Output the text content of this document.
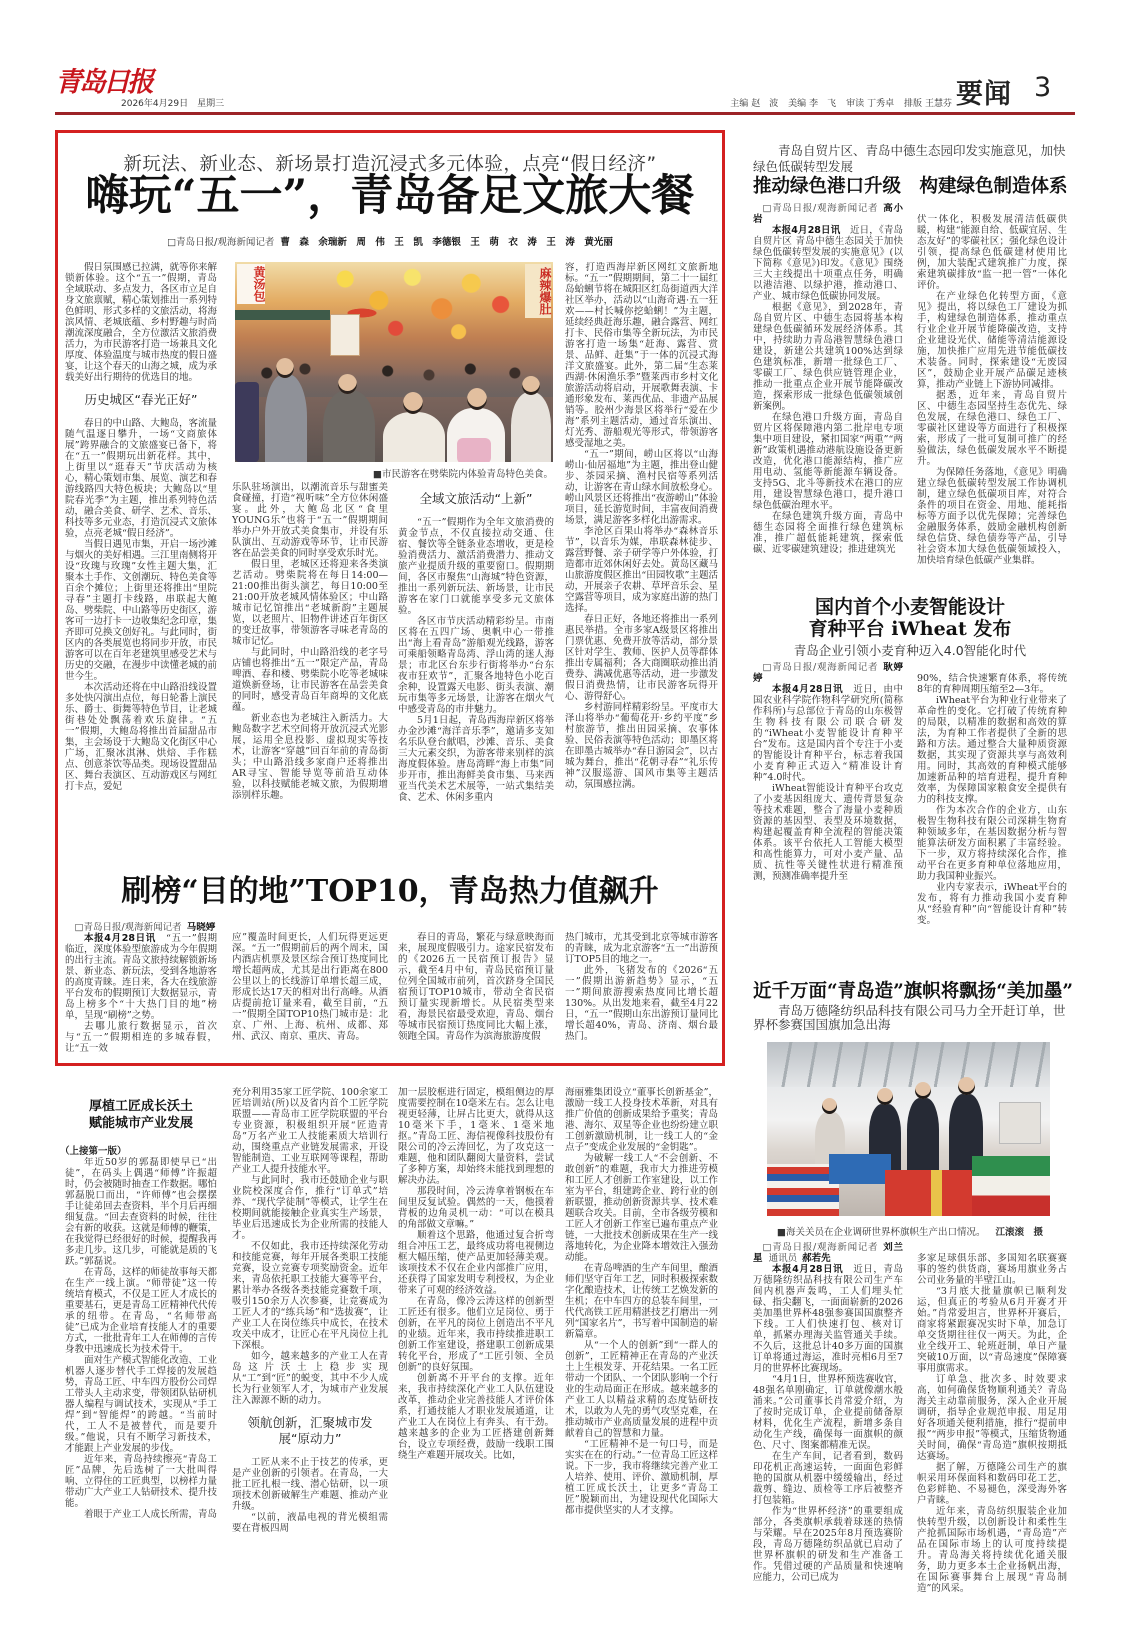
青岛日报
2026年4月29日　星期三	主编 赵　波 美编 李　飞 审读 丁秀卓 排版 王慧芬 要闻 3
新玩法、新业态、新场景打造沉浸式多元体验，点亮“假日经济”
嗨玩“五一”，青岛备足文旅大餐
□青岛日报/观海新闻记者 曹　森　余瑞新　周　伟　王　凯　李德银　王　萌　衣　涛　王　涛　黄光丽

假日氛围感已拉满，就等你来解锁新体验。这个“五一”假期，青岛全域联动、多点发力，各区市立足自身文旅禀赋，精心策划推出一系列特色鲜明、形式多样的文旅活动，将海滨风情、老城底蕴、乡村野趣与时尚潮流深度融合，全方位激活文旅消费活力，为市民游客打造一场兼具文化厚度、体验温度与城市热度的假日盛宴，让这个春天的山海之城，成为承载美好出行期待的优选目的地。

历史城区“春光正好”

春日的中山路、大鲍岛，客流量随气温逐日攀升，一场“文商旅体展”跨界融合的文旅盛宴已备下，将在“五一”假期玩出新花样。其中，上街里以“逛春天”节庆活动为核心，精心策划市集、展览、演艺和春游线路四大特色板块；大鲍岛以“里院春光季”为主题，推出系列特色活动，融合美食、研学、艺术、音乐、科技等多元业态，打造沉浸式文旅体验，点亮老城“假日经济”。

当假日遇见市集，开启一场沙滩与烟火的美好相遇。三江里南侧将开设“玫瑰与玫瑰”女性主题大集，汇聚本土手作、文创潮玩、特色美食等百余个摊位；上街里还将推出“里院寻春”主题打卡线路，串联起大鲍岛、劈柴院、中山路等历史街区，游客可一边打卡一边收集纪念印章，集齐即可兑换文创好礼。与此同时，街区内的各类展览也将同步开放，市民游客可以在百年老建筑里感受艺术与历史的交融，在漫步中读懂老城的前世今生。

本次活动还将在中山路沿线设置多处快闪演出点位，每日轮番上演民乐、爵士、街舞等特色节目，让老城街巷处处飘荡着欢乐旋律。“五一”假期，大鲍岛将推出首届甜品市集，主会场设于大鲍岛文化街区中心广场，汇聚冰淇淋、烘焙、手作糕点、创意茶饮等品类。现场设置甜品区、舞台表演区、互动游戏区与网红打卡点，爱妃

黄汤包	麻辣爆肚
■市民游客在劈柴院内体验青岛特色美食。

乐队驻场演出，以潮流音乐与甜蜜美食碰撞，打造“视听味”全方位休闲盛宴。此外，大鲍岛北区“食里YOUNG乐”也将于“五一”假期期间举办户外开放式美食集市，并设有乐队演出、互动游戏等环节，让市民游客在品尝美食的同时享受欢乐时光。

假日里，老城区还将迎来各类演艺活动。劈柴院将在每日14:00—21:00推出街头演艺，每日10:00至21:00开放老城风情体验区；中山路城市记忆馆推出“老城新韵”主题展览，以老照片、旧物件讲述百年街区的变迁故事，带领游客寻味老青岛的城市记忆。

与此同时，中山路沿线的老字号店铺也将推出“五一”限定产品，青岛啤酒、春和楼、劈柴院小吃等老城味道焕新登场，让市民游客在品尝美食的同时，感受青岛百年商埠的文化底蕴。

新业态也为老城注入新活力。大鲍岛数字艺术空间将开放沉浸式光影展，运用全息投影、虚拟现实等技术，让游客“穿越”回百年前的青岛街头；中山路沿线多家商户还将推出AR寻宝、智能导览等前沿互动体验，以科技赋能老城文旅，为假期增添别样乐趣。

全域文旅活动“上新”

“五一”假期作为全年文旅消费的黄金节点，不仅直接拉动交通、住宿、餐饮等全链条业态增收，更是检验消费活力、激活消费潜力、推动文旅产业提质升级的重要窗口。假期期间，各区市聚焦“山海城”特色资源，推出一系列新玩法、新场景，让市民游客在家门口就能享受多元文旅体验。

各区市节庆活动精彩纷呈。市南区将在五四广场、奥帆中心一带推出“海上看青岛”游船观光线路，游客可乘船领略青岛湾、浮山湾的迷人海景；市北区台东步行街将举办“台东夜市狂欢节”，汇聚各地特色小吃百余种，设置露天电影、街头表演、潮玩市集等多元场景，让游客在烟火气中感受青岛的市井魅力。

5月1日起，青岛西海岸新区将举办金沙滩“海洋音乐季”，邀请多支知名乐队登台献唱，沙滩、音乐、美食三大元素交织，为游客带来别样的滨海度假体验。唐岛湾畔“海上市集”同步开市，推出海鲜美食市集、马来西亚当代美术艺术展等，一站式集结美食、艺术、休闲多重内

容，打造西海岸新区网红文旅新地标。“五一”假期期间，第二十一届红岛蛤蜊节将在城阳区红岛街道西大洋社区举办，活动以“山海奇遇·五一狂欢——村长喊你挖蛤蜊！”为主题，延续经典赶海乐趣，融合露营、网红打卡、民俗市集等全新玩法，为市民游客打造一场集“赶海、露营、赏景、品鲜、赶集”于一体的沉浸式海洋文旅盛宴。此外，第二届“生态莱西湖·休闲渔乐季”暨莱西市乡村文化旅游活动将启动，开展歌舞表演、卡通形象发布、莱西优品、非遗产品展销等。胶州少海景区将举行“爱在少海”系列主题活动，通过音乐演出、灯光秀、游船观光等形式，带领游客感受湿地之美。

“五一”期间，崂山区将以“山海崂山·仙居福地”为主题，推出登山健步、茶园采摘、渔村民宿等系列活动，让游客在青山绿水间放松身心。崂山风景区还将推出“夜游崂山”体验项目，延长游览时间，丰富夜间消费场景，满足游客多样化出游需求。

李沧区百果山将举办“森林音乐节”，以音乐为媒，串联森林徒步、露营野餐、亲子研学等户外体验，打造都市近郊休闲好去处。黄岛区藏马山旅游度假区推出“田园牧歌”主题活动，开展亲子农耕、草坪音乐会、星空露营等项目，成为家庭出游的热门选择。

春日正好，各地还将推出一系列惠民举措。全市多家A级景区将推出门票优惠、免费开放等活动，部分景区针对学生、教师、医护人员等群体推出专属福利；各大商圈联动推出消费券、满减优惠等活动，进一步激发假日消费热情，让市民游客玩得开心、游得舒心。

乡村游同样精彩纷呈。平度市大泽山将举办“葡萄花开·乡约平度”乡村旅游节，推出田园采摘、农事体验、民俗表演等特色活动；即墨区将在即墨古城举办“春日游园会”，以古城为舞台，推出“花朝寻春”“礼乐传神”汉服巡游、国风市集等主题活动，氛围感拉满。

刷榜“目的地”TOP10，青岛热力值飙升

□青岛日报/观海新闻记者 马晓婷

本报4月28日讯　“五一”假期临近，深度体验型旅游成为今年假期的出行主流。青岛文旅持续解锁新场景、新业态、新玩法，受到各地游客的高度青睐。连日来，各大在线旅游平台发布的假期预订大数据显示，青岛上榜多个“十大热门目的地”榜单，呈现“刷榜”之势。

去哪儿旅行数据显示，首次与“五一”假期相连的多城春假，让“五一效

应”覆盖时间更长，人们玩得更远更深。“五一”假期前后的两个周末，国内酒店机票及景区综合预订热度同比增长超两成，尤其是出行距离在800公里以上的长线游订单增长超三成，形成长达17天的相对出行高峰。从酒店提前抢订量来看，截至目前，“五一”假期全国TOP10热门城市是：北京、广州、上海、杭州、成都、郑州、武汉、南京、重庆、青岛。

春日的青岛，繁花与绿意映海而来，展现度假吸引力。途家民宿发布的《2026五一民宿预订报告》显示，截至4月中旬，青岛民宿预订量位列全国城市前列，首次跻身全国民宿预订TOP10城市，带动全省民宿预订量实现新增长。从民宿类型来看，海景民宿最受欢迎，青岛、烟台等城市民宿预订热度同比大幅上涨，领跑全国。青岛作为滨海旅游度假

热门城市，尤其受到北京等城市游客的青睐，成为北京游客“五一”出游预订TOP5目的地之一。

此外，飞猪发布的《2026“五一”假期出游新趋势》显示，“五一”期间旅游搜索热度同比增长超130%。从出发地来看，截至4月22日，“五一”假期山东出游预订量同比增长超40%，青岛、济南、烟台最热门。

青岛自贸片区、青岛中德生态园印发实施意见，加快绿色低碳转型发展
推动绿色港口升级　构建绿色制造体系

□青岛日报/观海新闻记者 高小岩

本报4月28日讯　近日，《青岛自贸片区 青岛中德生态园关于加快绿色低碳转型发展的实施意见》(以下简称《意见》)印发。《意见》围绕三大主线提出十项重点任务，明确以港洁港、以绿护港，推动港口、产业、城市绿色低碳协同发展。

根据《意见》，到2028年，青岛自贸片区、中德生态园将基本构建绿色低碳循环发展经济体系。其中，持续助力青岛港智慧绿色港口建设，新建公共建筑100%达到绿色建筑标准，新增一批绿色工厂、零碳工厂、绿色供应链管理企业，推动一批重点企业开展节能降碳改造，探索形成一批绿色低碳领域创新案例。

在绿色港口升级方面，青岛自贸片区将保障港内第二批岸电专项集中项目建设，紧扣国家“两重”“两新”政策机遇推动港航设施设备更新改造，优化港口能源结构，推广应用电动、氢能等新能源车辆设备。支持5G、北斗等新技术在港口的应用，建设智慧绿色港口，提升港口绿色低碳治理水平。

在绿色建筑升级方面，青岛中德生态园将全面推行绿色建筑标准，推广超低能耗建筑，探索低碳、近零碳建筑建设；推进建筑光

伏一体化，积极发展清洁低碳供暖，构建“能源自给、低碳宜居、生态友好”的零碳社区；强化绿色设计引领，提高绿色低碳建材使用比例，加大装配式建筑推广力度，探索建筑碳排放“监一把一管”一体化评价。

在产业绿色化转型方面，《意见》提出，将以绿色工厂建设为抓手，构建绿色制造体系，推动重点行业企业开展节能降碳改造，支持企业建设光伏、储能等清洁能源设施，加快推广应用先进节能低碳技术装备。同时，探索建设“无废园区”，鼓励企业开展产品碳足迹核算，推动产业链上下游协同减排。

据悉，近年来，青岛自贸片区、中德生态园坚持生态优先、绿色发展，在绿色港口、绿色工厂、零碳社区建设等方面进行了积极探索，形成了一批可复制可推广的经验做法，绿色低碳发展水平不断提升。

为保障任务落地，《意见》明确建立绿色低碳转型发展工作协调机制，建立绿色低碳项目库，对符合条件的项目在资金、用地、能耗指标等方面予以优先保障；完善绿色金融服务体系，鼓励金融机构创新绿色信贷、绿色债券等产品，引导社会资本加大绿色低碳领域投入，加快培育绿色低碳产业集群。

国内首个小麦智能设计
育种平台 iWheat 发布
青岛企业引领小麦育种迈入4.0智能化时代

□青岛日报/观海新闻记者 耿婷婷

本报4月28日讯　近日，由中国农业科学院作物科学研究所(简称作科所)与总部位于青岛的山东极智生物科技有限公司联合研发的“iWheat小麦智能设计育种平台”发布。这是国内首个专注于小麦的智能设计育种平台，标志着我国小麦育种正式迈入“精准设计育种”4.0时代。

iWheat智能设计育种平台攻克了小麦基因组庞大、遗传背景复杂等技术难题，整合了海量小麦种质资源的基因型、表型及环境数据，构建起覆盖育种全流程的智能决策体系。该平台依托人工智能大模型和高性能算力，可对小麦产量、品质、抗性等关键性状进行精准预测，预测准确率提升至

90%，结合快速繁育体系，将传统8年的育种周期压缩至2—3年。

iWheat平台为种业行业带来了革命性的变化。它打破了传统育种的局限，以精准的数据和高效的算法，为育种工作者提供了全新的思路和方法。通过整合大量种质资源数据，其实现了资源共享与高效利用。同时，其高效的育种模式能够加速新品种的培育进程，提升育种效率，为保障国家粮食安全提供有力的科技支撑。

作为本次合作的企业方，山东极智生物科技有限公司深耕生物育种领域多年，在基因数据分析与智能算法研发方面积累了丰富经验。下一步，双方将持续深化合作，推动平台在更多育种单位落地应用，助力我国种业振兴。

业内专家表示，iWheat平台的发布，将有力推动我国小麦育种从“经验育种”向“智能设计育种”转变。

近千万面“青岛造”旗帜将飘扬“美加墨”
青岛万德隆纺织品科技有限公司马力全开赶订单，世界杯参赛国国旗加急出海
■海关关员在企业调研世界杯旗帜生产出口情况。 江滚滚　摄

□青岛日报/观海新闻记者 刘兰星 通讯员 郝若先

本报4月28日讯　近日，青岛万德隆纺织品科技有限公司生产车间内机器声轰鸣，工人们埋头忙碌、指尖翻飞，一面面崭新的2026美加墨世界杯48强参赛国国旗整齐下线。工人们快速打包、核对订单，抓紧办理海关监管通关手续。不久后，这批总计40多万面的国旗订单将通过海运，准时亮相6月至7月的世界杯比赛现场。

“4月1日，世界杯预选赛收官，48强名单刚确定，订单就像潮水般涌来。”公司董事长肖常爱介绍，为了按时完成订单，企业提前储备原材料，优化生产流程，新增多条自动化生产线，确保每一面旗帜的颜色、尺寸、图案都精准无误。

在生产车间，记者看到，数码印花机正高速运转，一面面色彩鲜艳的国旗从机器中缓缓输出，经过裁剪、缝边、质检等工序后被整齐打包装箱。

作为“世界杯经济”的重要组成部分，各类旗帜承载着球迷的热情与荣耀。早在2025年8月预选赛阶段，青岛万德隆纺织品就已启动了世界杯旗帜的研发和生产准备工作。凭借过硬的产品质量和快速响应能力，公司已成为

多家足球俱乐部、多国知名联赛赛事的签约供货商，赛场用旗业务占公司业务量的半壁江山。

“3月底大批量旗帜已顺利发运，但真正的考验从6月开赛才开始。”肖常爱坦言，世界杯开赛后，商家将紧跟赛况实时下单，加急订单交货期往往仅一两天。为此，企业全线开工、轮班赶制，单日产量突破10万面，以“青岛速度”保障赛事用旗需求。

订单急、批次多、时效要求高，如何确保货物顺利通关？青岛海关主动靠前服务，深入企业开展调研，指导企业规范申报、用足用好各项通关便利措施，推行“提前申报”“两步申报”等模式，压缩货物通关时间，确保“青岛造”旗帜按期抵达赛场。

据了解，万德隆公司生产的旗帜采用环保面料和数码印花工艺，色彩鲜艳、不易褪色，深受海外客户青睐。

近年来，青岛纺织服装企业加快转型升级，以创新设计和柔性生产抢抓国际市场机遇，“青岛造”产品在国际市场上的认可度持续提升。青岛海关将持续优化通关服务，助力更多本土企业扬帆出海，在国际赛事舞台上展现“青岛制造”的风采。

厚植工匠成长沃土
赋能城市产业发展
（上接第一版）

年近50岁的郭磊即使早已“出徒”，在码头上偶遇“师傅”许振超时，仍会被随时抽查工作数据。哪怕郭磊脱口而出，“许师傅”也会摆摆手让徒弟回去查资料，半个月后再细细复盘。“回去查资料的时候，往往会有新的收获。这就是师傅的鞭策，在我觉得已经很好的时候，提醒我再多走几步。这几步，可能就是质的飞跃。”郭磊说。

在青岛，这样的师徒故事每天都在生产一线上演。“师带徒”这一传统培育模式，不仅是工匠人才成长的重要基石，更是青岛工匠精神代代传承的纽带。在青岛，“名师带高徒”已成为企业培育技能人才的重要方式，一批批青年工人在师傅的言传身教中迅速成长为技术骨干。

面对生产模式智能化改造、工业机器人逐步替代手工焊接的发展趋势，青岛工匠、中车四方股份公司焊工带头人主动求变，带领团队钻研机器人编程与调试技术，实现从“手工焊”到“智能焊”的跨越。“当前时代，工人不是被替代，而是要升级。”他说，只有不断学习新技术，才能跟上产业发展的步伐。

近年来，青岛持续擦亮“青岛工匠”品牌，先后选树了一大批叫得响、立得住的工匠典型，以榜样力量带动广大产业工人钻研技术、提升技能。

着眼于产业工人成长所需，青岛

充分利用35家工匠学院、100余家工匠培训站(所)以及省内首个工匠学院联盟——青岛市工匠学院联盟的平台专业资源，积极组织开展“匠造青岛”万名产业工人技能素质大培训行动，围绕重点产业链发展需求，开设智能制造、工业互联网等课程，帮助产业工人提升技能水平。

与此同时，我市还鼓励企业与职业院校深度合作，推行“订单式”培养、“现代学徒制”等模式，让学生在校期间就能接触企业真实生产场景，毕业后迅速成长为企业所需的技能人才。

不仅如此，我市还持续深化劳动和技能竞赛，每年开展各类职工技能竞赛，设立竞赛专项奖励资金。近年来，青岛依托职工技能大赛等平台，累计举办各级各类技能竞赛数千项，吸引150余万人次参赛，让竞赛成为工匠人才的“练兵场”和“选拔赛”，让产业工人在岗位练兵中成长，在技术攻关中成才，让匠心在平凡岗位上扎下深根。

如今，越来越多的产业工人在青岛这片沃土上稳步实现从“工”到“匠”的蜕变，其中不少人成长为行业领军人才，为城市产业发展注入源源不断的动力。

领航创新，汇聚城市发展“原动力”

工匠从来不止于技艺的传承，更是产业创新的引领者。在青岛，一大批工匠扎根一线、潜心钻研，以一项项技术创新破解生产难题、推动产业升级。

“以前，液晶电视的背光模组需要在背板四周

加一层胶框进行固定，模组侧边的厚度需要控制在10毫米左右。怎么让电视更轻薄，让屏占比更大，就得从这10毫米下手，1毫米、1毫米地抠。”青岛工匠、海信视像科技股份有限公司的冷云涛回忆，为了攻克这一难题，他和团队翻阅大量资料，尝试了多种方案，却始终未能找到理想的解决办法。

那段时间，冷云涛拿着钢板在车间里反复试验。偶然的一天，他摸着背板的边角灵机一动：“可以在模具的角部做文章嘛。”

顺着这个思路，他通过复合折弯组合冲压工艺，最终成功将电视侧边框大幅压缩，使产品更加轻薄美观。该项技术不仅在企业内部推广应用，还获得了国家发明专利授权，为企业带来了可观的经济效益。

在青岛，像冷云涛这样的创新型工匠还有很多。他们立足岗位、勇于创新，在平凡的岗位上创造出不平凡的业绩。近年来，我市持续推进职工创新工作室建设，搭建职工创新成果转化平台，形成了“工匠引领、全员创新”的良好氛围。

创新离不开平台的支撑。近年来，我市持续深化产业工人队伍建设改革，推动企业完善技能人才评价体系，打通技能人才职业发展通道，让产业工人在岗位上有奔头、有干劲。越来越多的企业为工匠搭建创新舞台，设立专项经费，鼓励一线职工围绕生产难题开展攻关。比如，

海丽雅集团设立“董事长创新基金”，激励一线工人投身技术革新，对具有推广价值的创新成果给予重奖；青岛港、海尔、双星等企业也纷纷建立职工创新激励机制，让一线工人的“金点子”变成企业发展的“金钥匙”。

为破解一线工人“不会创新、不敢创新”的难题，我市大力推进劳模和工匠人才创新工作室建设，以工作室为平台，组建跨企业、跨行业的创新联盟，推动创新资源共享、技术难题联合攻关。目前，全市各级劳模和工匠人才创新工作室已遍布重点产业链，一大批技术创新成果在生产一线落地转化，为企业降本增效注入强劲动能。

在青岛啤酒的生产车间里，酿酒师们坚守百年工艺，同时积极探索数字化酿造技术，让传统工艺焕发新的生机；在中车四方的总装车间里，一代代高铁工匠用精湛技艺打磨出一列列“国家名片”，书写着中国制造的崭新篇章。

从“一个人的创新”到“一群人的创新”，工匠精神正在青岛的产业沃土上生根发芽、开花结果。一名工匠带动一个团队、一个团队影响一个行业的生动局面正在形成。越来越多的产业工人以精益求精的态度钻研技术，以敢为人先的勇气攻坚克难，在推动城市产业高质量发展的进程中贡献着自己的智慧和力量。

“工匠精神不是一句口号，而是实实在在的行动。”一位青岛工匠这样说。下一步，我市将继续完善产业工人培养、使用、评价、激励机制，厚植工匠成长沃土，让更多“青岛工匠”脱颖而出，为建设现代化国际大都市提供坚实的人才支撑。
